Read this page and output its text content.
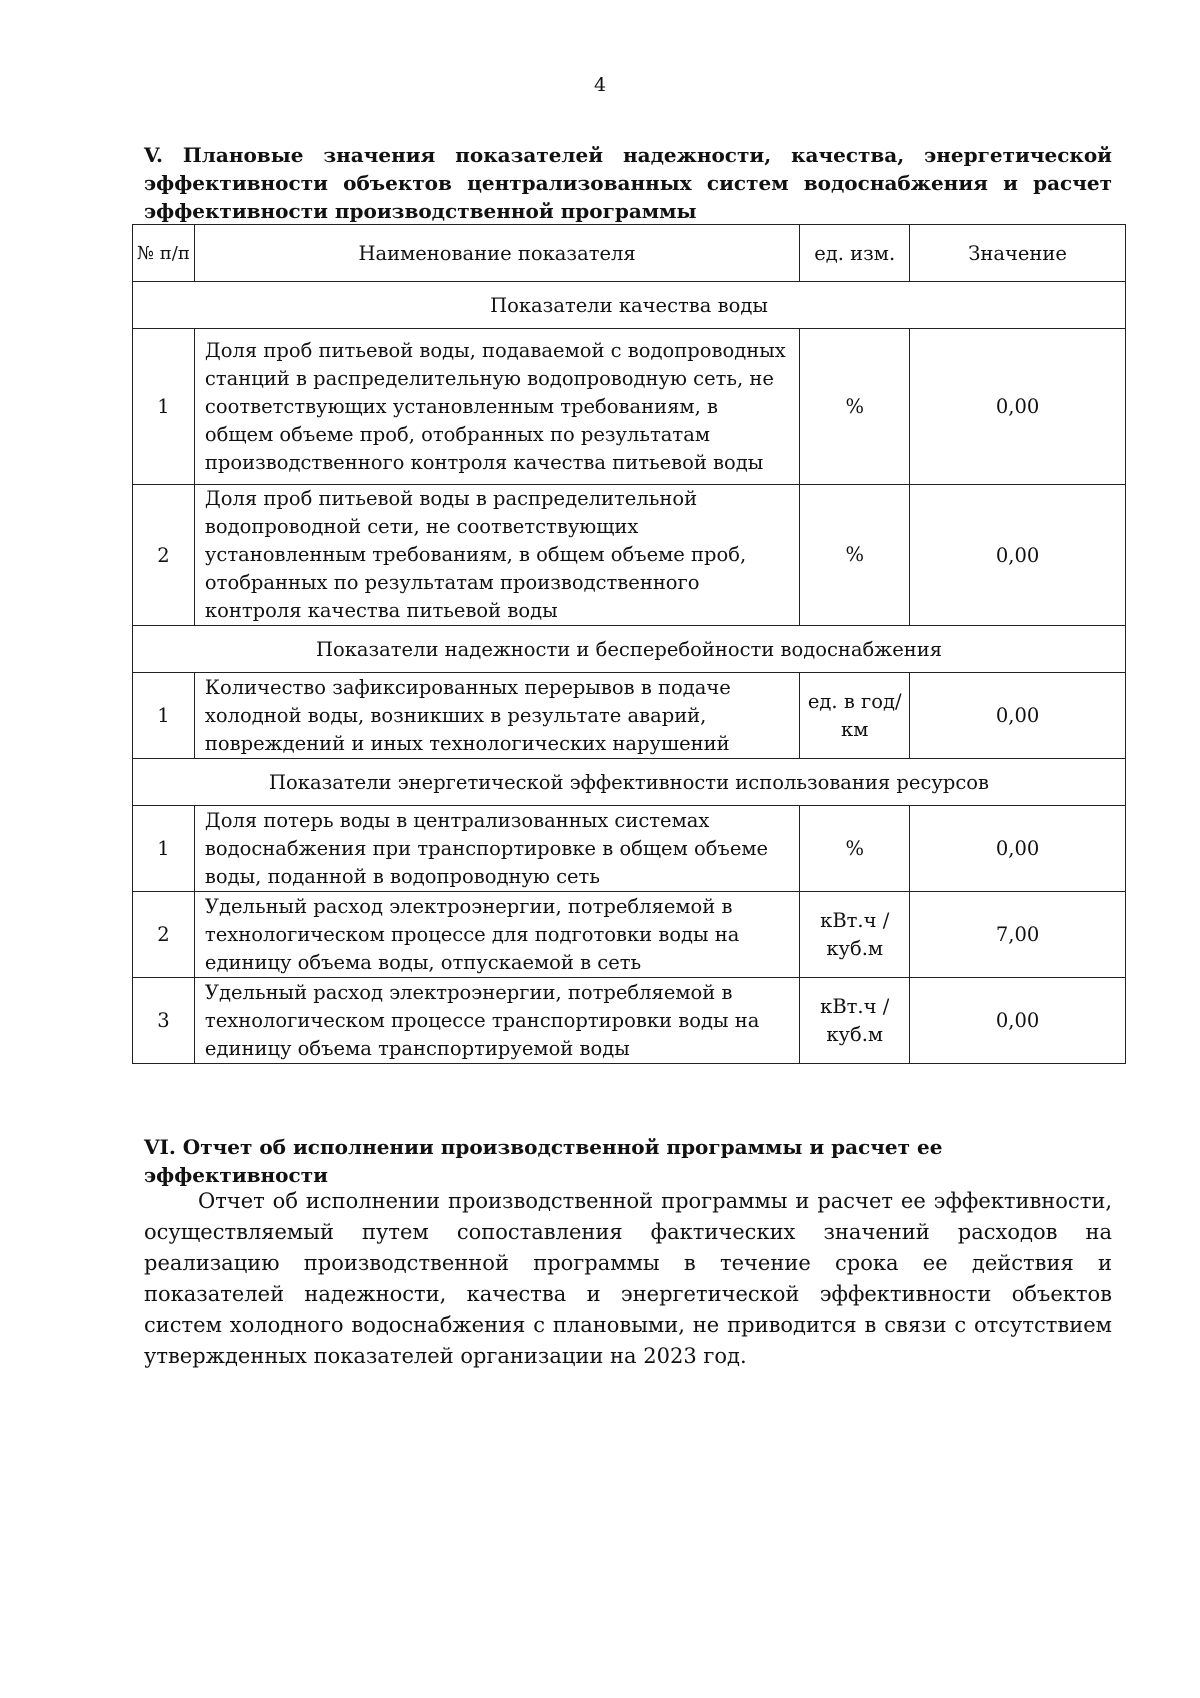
4
V. Плановые значения показателей надежности, качества, энергетической
эффективности объектов централизованных систем водоснабжения и расчет
эффективности производственной программы
№ п/п	Наименование показателя	ед. изм.	Значение
Показатели качества воды			
1	Доля проб питьевой воды, подаваемой с водопроводных станций в распределительную водопроводную сеть, не соответствующих установленным требованиям, в общем объеме проб, отобранных по результатам производственного контроля качества питьевой воды	%	0,00
2	Доля проб питьевой воды в распределительной водопроводной сети, не соответствующих установленным требованиям, в общем объеме проб, отобранных по результатам производственного контроля качества питьевой воды	%	0,00
Показатели надежности и бесперебойности водоснабжения			
1	Количество зафиксированных перерывов в подаче холодной воды, возникших в результате аварий, повреждений и иных технологических нарушений	ед. в год/ км	0,00
Показатели энергетической эффективности использования ресурсов			
1	Доля потерь воды в централизованных системах водоснабжения при транспортировке в общем объеме воды, поданной в водопроводную сеть	%	0,00
2	Удельный расход электроэнергии, потребляемой в технологическом процессе для подготовки воды на единицу объема воды, отпускаемой в сеть	кВт.ч / куб.м	7,00
3	Удельный расход электроэнергии, потребляемой в технологическом процессе транспортировки воды на единицу объема транспортируемой воды	кВт.ч / куб.м	0,00
VI. Отчет об исполнении производственной программы и расчет ее эффективности
Отчет об исполнении производственной программы и расчет ее эффективности, осуществляемый путем сопоставления фактических значений расходов на реализацию производственной программы в течение срока ее действия и показателей надежности, качества и энергетической эффективности объектов систем холодного водоснабжения с плановыми, не приводится в связи с отсутствием утвержденных показателей организации на 2023 год.
